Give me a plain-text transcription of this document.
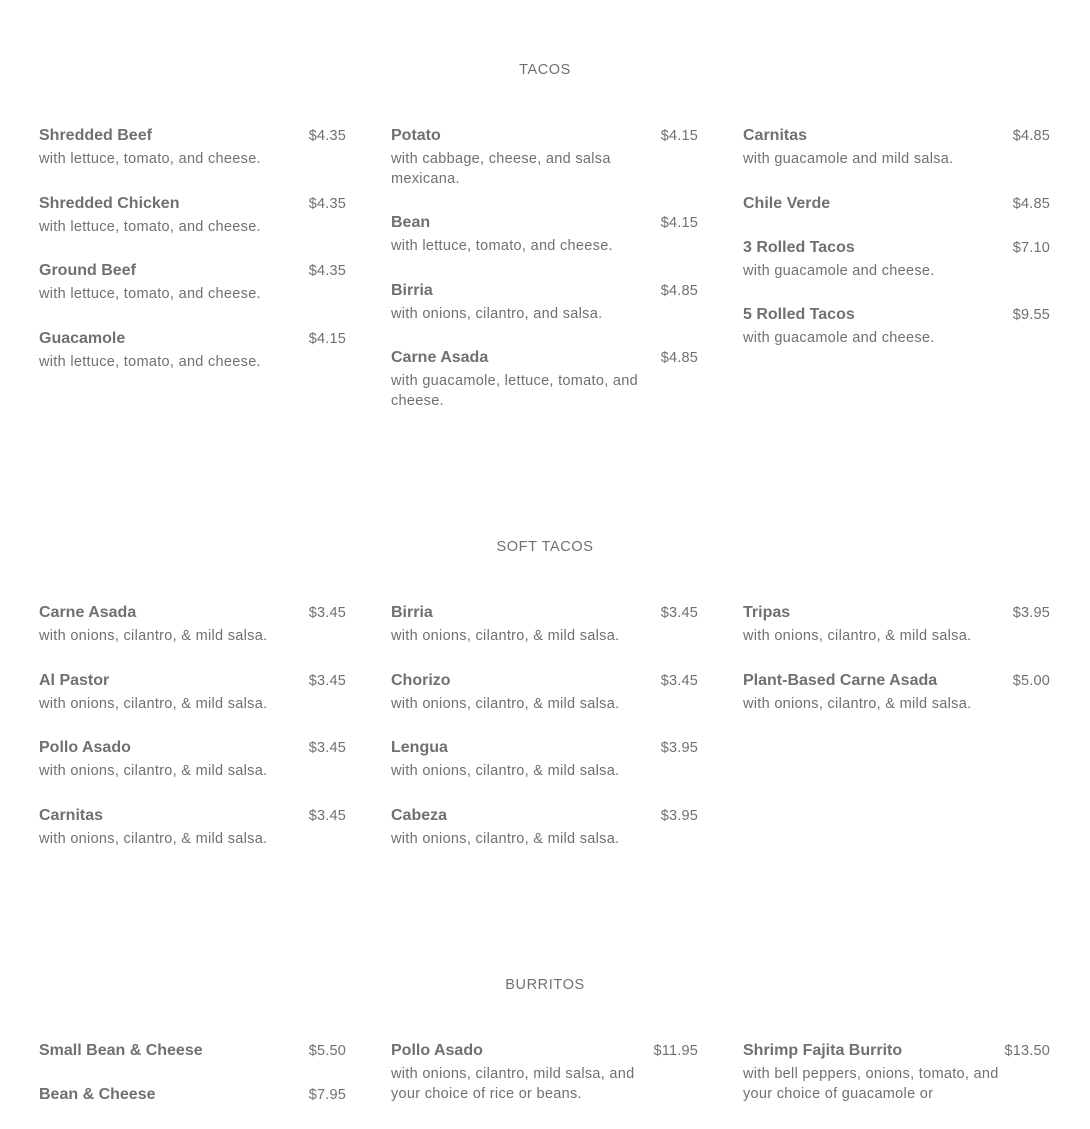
TACOS
Shredded Beef	$4.35
with lettuce, tomato, and cheese.
Shredded Chicken	$4.35
with lettuce, tomato, and cheese.
Ground Beef	$4.35
with lettuce, tomato, and cheese.
Guacamole	$4.15
with lettuce, tomato, and cheese.
Potato	$4.15
with cabbage, cheese, and salsa mexicana.
Bean	$4.15
with lettuce, tomato, and cheese.
Birria	$4.85
with onions, cilantro, and salsa.
Carne Asada	$4.85
with guacamole, lettuce, tomato, and cheese.
Carnitas	$4.85
with guacamole and mild salsa.
Chile Verde	$4.85
3 Rolled Tacos	$7.10
with guacamole and cheese.
5 Rolled Tacos	$9.55
with guacamole and cheese.
SOFT TACOS
Carne Asada	$3.45
with onions, cilantro, & mild salsa.
Al Pastor	$3.45
with onions, cilantro, & mild salsa.
Pollo Asado	$3.45
with onions, cilantro, & mild salsa.
Carnitas	$3.45
with onions, cilantro, & mild salsa.
Birria	$3.45
with onions, cilantro, & mild salsa.
Chorizo	$3.45
with onions, cilantro, & mild salsa.
Lengua	$3.95
with onions, cilantro, & mild salsa.
Cabeza	$3.95
with onions, cilantro, & mild salsa.
Tripas	$3.95
with onions, cilantro, & mild salsa.
Plant-Based Carne Asada	$5.00
with onions, cilantro, & mild salsa.
BURRITOS
Small Bean & Cheese	$5.50
Bean & Cheese	$7.95
Pollo Asado	$11.95
with onions, cilantro, mild salsa, and your choice of rice or beans.
Shrimp Fajita Burrito	$13.50
with bell peppers, onions, tomato, and your choice of guacamole or
